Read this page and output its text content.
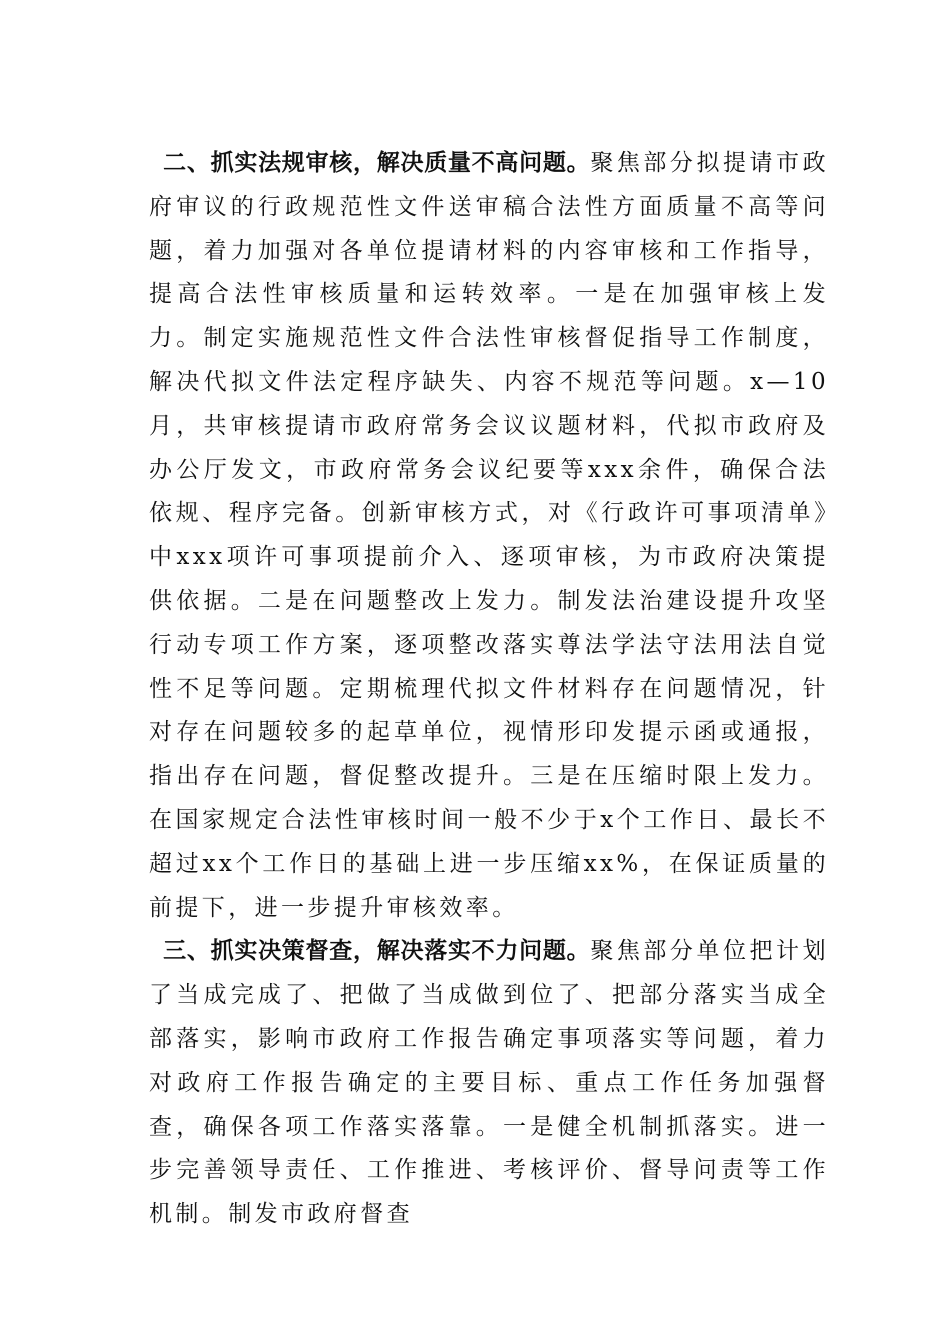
二、抓实法规审核，解决质量不高问题。聚焦部分拟提请市政府审议的行政规范性文件送审稿合法性方面质量不高等问题，着力加强对各单位提请材料的内容审核和工作指导，提高合法性审核质量和运转效率。一是在加强审核上发力。制定实施规范性文件合法性审核督促指导工作制度，解决代拟文件法定程序缺失、内容不规范等问题。x—10月，共审核提请市政府常务会议议题材料，代拟市政府及办公厅发文，市政府常务会议纪要等xxx余件，确保合法依规、程序完备。创新审核方式，对《行政许可事项清单》中xxx项许可事项提前介入、逐项审核，为市政府决策提供依据。二是在问题整改上发力。制发法治建设提升攻坚行动专项工作方案，逐项整改落实尊法学法守法用法自觉性不足等问题。定期梳理代拟文件材料存在问题情况，针对存在问题较多的起草单位，视情形印发提示函或通报，指出存在问题，督促整改提升。三是在压缩时限上发力。在国家规定合法性审核时间一般不少于x个工作日、最长不超过xx个工作日的基础上进一步压缩xx%，在保证质量的前提下，进一步提升审核效率。

三、抓实决策督查，解决落实不力问题。聚焦部分单位把计划了当成完成了、把做了当成做到位了、把部分落实当成全部落实，影响市政府工作报告确定事项落实等问题，着力对政府工作报告确定的主要目标、重点工作任务加强督查，确保各项工作落实落靠。一是健全机制抓落实。进一步完善领导责任、工作推进、考核评价、督导问责等工作机制。制发市政府督查
